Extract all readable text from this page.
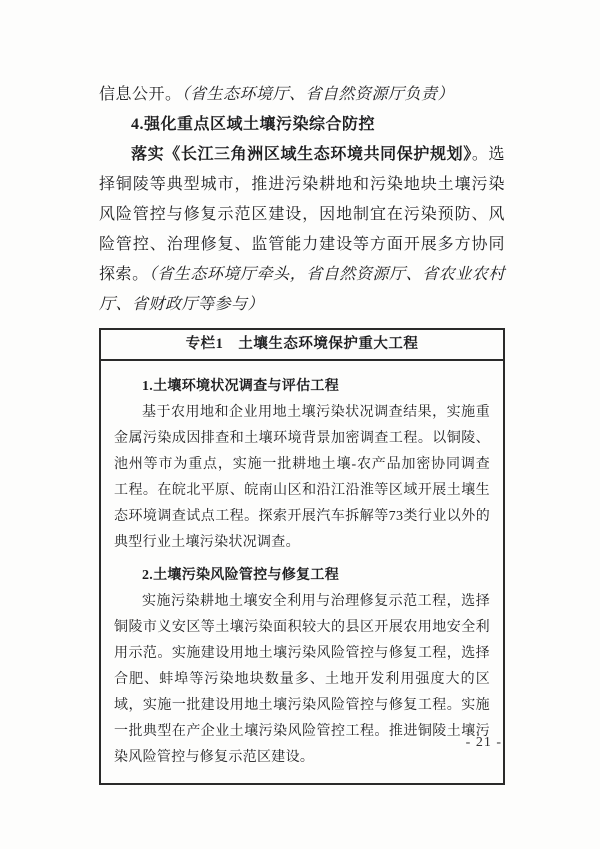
信息公开。（省生态环境厅、省自然资源厅负责）

4.强化重点区域土壤污染综合防控

落实《长江三角洲区域生态环境共同保护规划》。选择铜陵等典型城市，推进污染耕地和污染地块土壤污染风险管控与修复示范区建设，因地制宜在污染预防、风险管控、治理修复、监管能力建设等方面开展多方协同探索。（省生态环境厅牵头，省自然资源厅、省农业农村厅、省财政厅等参与）

专栏1　土壤生态环境保护重大工程

1.土壤环境状况调查与评估工程

基于农用地和企业用地土壤污染状况调查结果，实施重金属污染成因排查和土壤环境背景加密调查工程。以铜陵、池州等市为重点，实施一批耕地土壤-农产品加密协同调查工程。在皖北平原、皖南山区和沿江沿淮等区域开展土壤生态环境调查试点工程。探索开展汽车拆解等73类行业以外的典型行业土壤污染状况调查。

2.土壤污染风险管控与修复工程

实施污染耕地土壤安全利用与治理修复示范工程，选择铜陵市义安区等土壤污染面积较大的县区开展农用地安全利用示范。实施建设用地土壤污染风险管控与修复工程，选择合肥、蚌埠等污染地块数量多、土地开发利用强度大的区域，实施一批建设用地土壤污染风险管控与修复工程。实施一批典型在产企业土壤污染风险管控工程。推进铜陵土壤污染风险管控与修复示范区建设。

- 21 -
